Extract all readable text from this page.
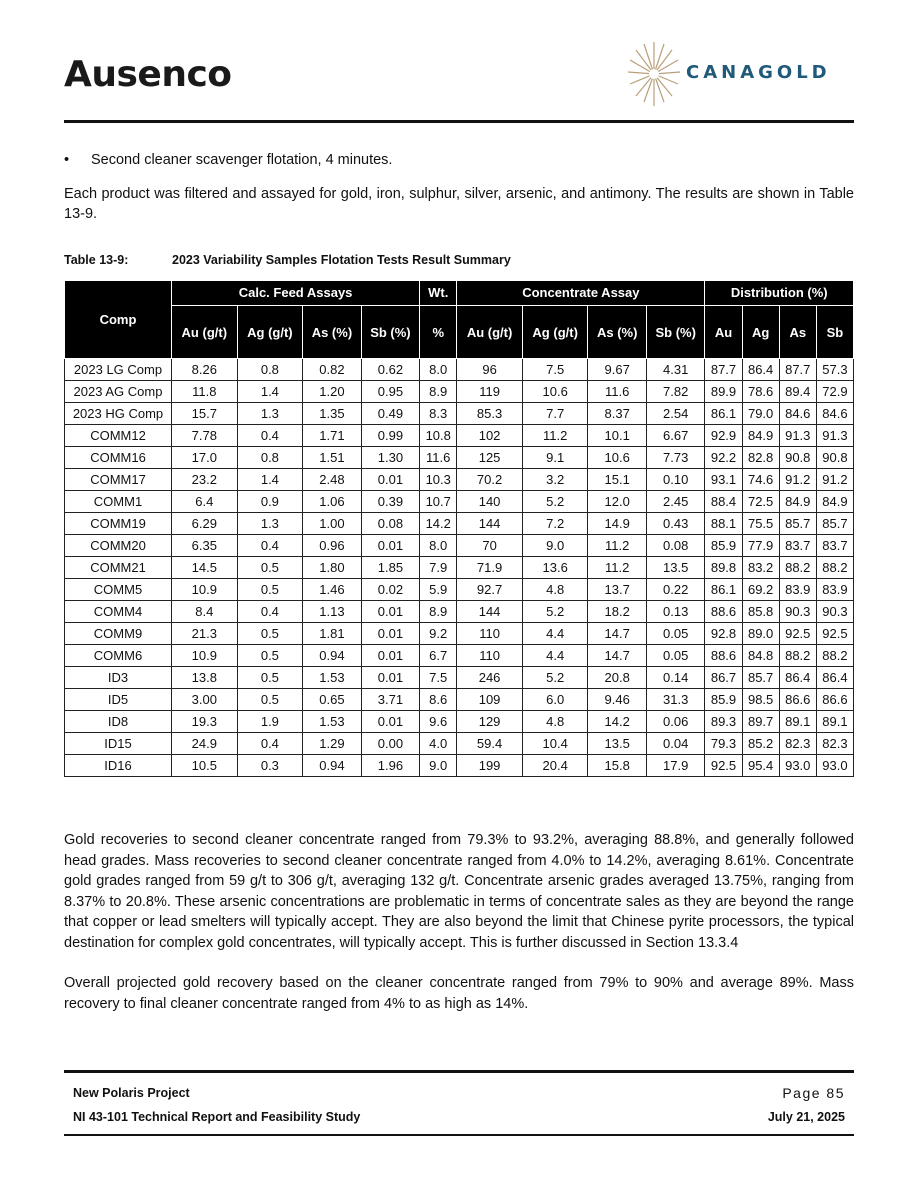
Ausenco	CANAGOLD
•	Second cleaner scavenger flotation, 4 minutes.

Each product was filtered and assayed for gold, iron, sulphur, silver, arsenic, and antimony. The results are shown in Table 13-9.

Table 13-9:	2023 Variability Samples Flotation Tests Result Summary
Comp	Calc. Feed Assays				Wt.	Concentrate Assay				Distribution (%)			
	Au (g/t)	Ag (g/t)	As (%)	Sb (%)	%	Au (g/t)	Ag (g/t)	As (%)	Sb (%)	Au	Ag	As	Sb
2023 LG Comp	8.26	0.8	0.82	0.62	8.0	96	7.5	9.67	4.31	87.7	86.4	87.7	57.3
2023 AG Comp	11.8	1.4	1.20	0.95	8.9	119	10.6	11.6	7.82	89.9	78.6	89.4	72.9
2023 HG Comp	15.7	1.3	1.35	0.49	8.3	85.3	7.7	8.37	2.54	86.1	79.0	84.6	84.6
COMM12	7.78	0.4	1.71	0.99	10.8	102	11.2	10.1	6.67	92.9	84.9	91.3	91.3
COMM16	17.0	0.8	1.51	1.30	11.6	125	9.1	10.6	7.73	92.2	82.8	90.8	90.8
COMM17	23.2	1.4	2.48	0.01	10.3	70.2	3.2	15.1	0.10	93.1	74.6	91.2	91.2
COMM1	6.4	0.9	1.06	0.39	10.7	140	5.2	12.0	2.45	88.4	72.5	84.9	84.9
COMM19	6.29	1.3	1.00	0.08	14.2	144	7.2	14.9	0.43	88.1	75.5	85.7	85.7
COMM20	6.35	0.4	0.96	0.01	8.0	70	9.0	11.2	0.08	85.9	77.9	83.7	83.7
COMM21	14.5	0.5	1.80	1.85	7.9	71.9	13.6	11.2	13.5	89.8	83.2	88.2	88.2
COMM5	10.9	0.5	1.46	0.02	5.9	92.7	4.8	13.7	0.22	86.1	69.2	83.9	83.9
COMM4	8.4	0.4	1.13	0.01	8.9	144	5.2	18.2	0.13	88.6	85.8	90.3	90.3
COMM9	21.3	0.5	1.81	0.01	9.2	110	4.4	14.7	0.05	92.8	89.0	92.5	92.5
COMM6	10.9	0.5	0.94	0.01	6.7	110	4.4	14.7	0.05	88.6	84.8	88.2	88.2
ID3	13.8	0.5	1.53	0.01	7.5	246	5.2	20.8	0.14	86.7	85.7	86.4	86.4
ID5	3.00	0.5	0.65	3.71	8.6	109	6.0	9.46	31.3	85.9	98.5	86.6	86.6
ID8	19.3	1.9	1.53	0.01	9.6	129	4.8	14.2	0.06	89.3	89.7	89.1	89.1
ID15	24.9	0.4	1.29	0.00	4.0	59.4	10.4	13.5	0.04	79.3	85.2	82.3	82.3
ID16	10.5	0.3	0.94	1.96	9.0	199	20.4	15.8	17.9	92.5	95.4	93.0	93.0

Gold recoveries to second cleaner concentrate ranged from 79.3% to 93.2%, averaging 88.8%, and generally followed head grades. Mass recoveries to second cleaner concentrate ranged from 4.0% to 14.2%, averaging 8.61%. Concentrate gold grades ranged from 59 g/t to 306 g/t, averaging 132 g/t. Concentrate arsenic grades averaged 13.75%, ranging from 8.37% to 20.8%. These arsenic concentrations are problematic in terms of concentrate sales as they are beyond the range that copper or lead smelters will typically accept. They are also beyond the limit that Chinese pyrite processors, the typical destination for complex gold concentrates, will typically accept. This is further discussed in Section 13.3.4

Overall projected gold recovery based on the cleaner concentrate ranged from 79% to 90% and average 89%. Mass recovery to final cleaner concentrate ranged from 4% to as high as 14%.

New Polaris Project
NI 43-101 Technical Report and Feasibility Study
Page 85
July 21, 2025
